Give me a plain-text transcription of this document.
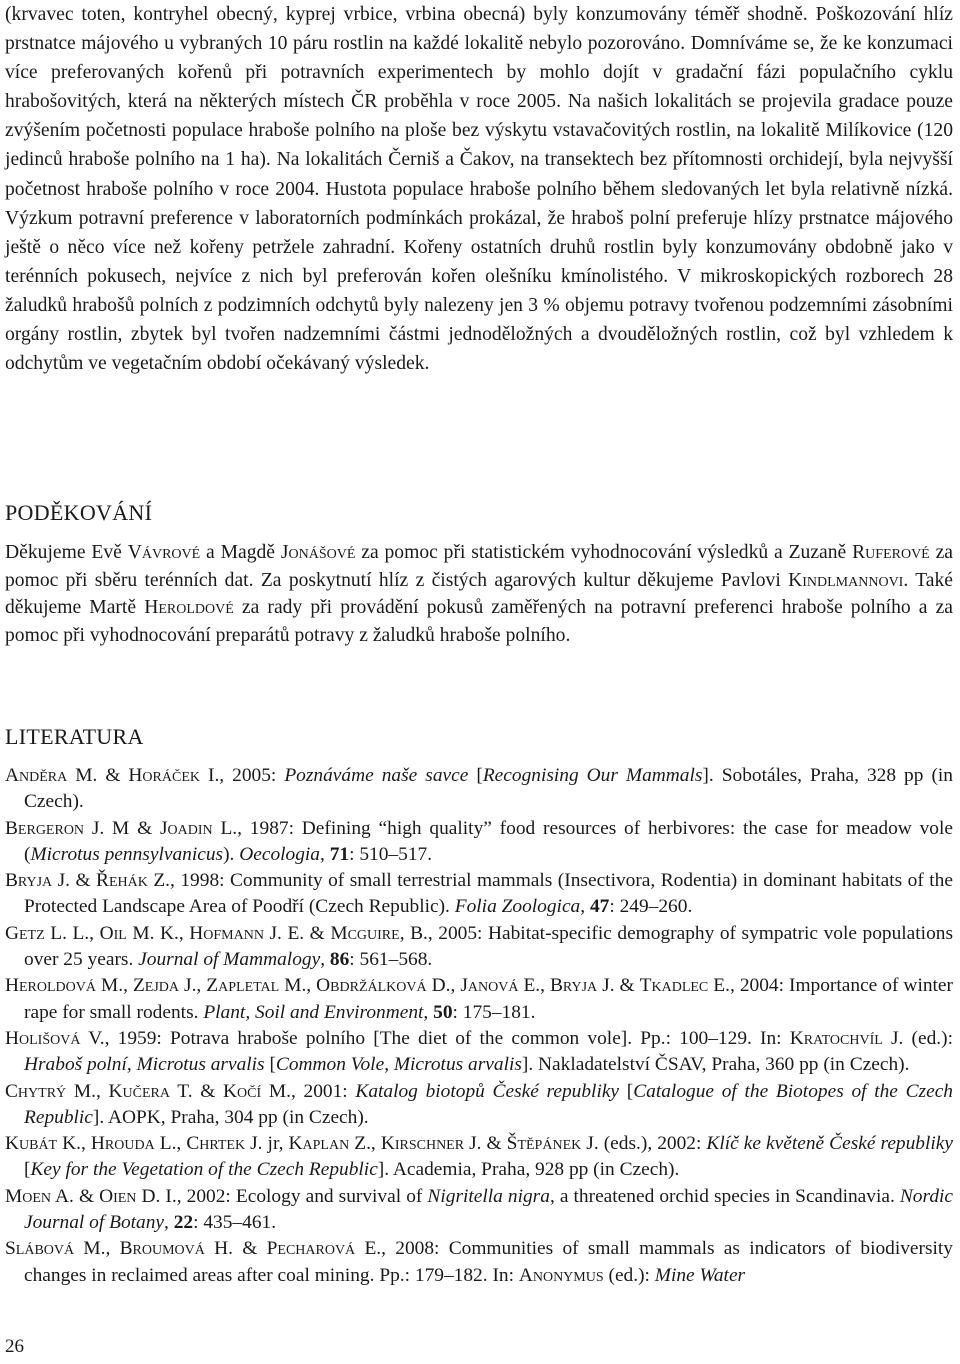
(krvavec toten, kontryhel obecný, kyprej vrbice, vrbina obecná) byly konzumovány téměř shodně. Poškozování hlíz prstnatce májového u vybraných 10 páru rostlin na každé lokalitě nebylo pozorováno. Domníváme se, že ke konzumaci více preferovaných kořenů při potravních experimentech by mohlo dojít v gradační fázi populačního cyklu hrabošovitých, která na některých místech ČR proběhla v roce 2005. Na našich lokalitách se projevila gradace pouze zvýšením početnosti populace hraboše polního na ploše bez výskytu vstavačovitých rostlin, na lokalitě Milíkovice (120 jedinců hraboše polního na 1 ha). Na lokalitách Černiš a Čakov, na transektech bez přítomnosti orchidejí, byla nejvyšší početnost hraboše polního v roce 2004. Hustota populace hraboše polního během sledovaných let byla relativně nízká. Výzkum potravní preference v laboratorních podmínkách prokázal, že hraboš polní preferuje hlízy prstnatce májového ještě o něco více než kořeny petržele zahradní. Kořeny ostatních druhů rostlin byly konzumovány obdobně jako v terénních pokusech, nejvíce z nich byl preferován kořen olešníku kmínolistého. V mikroskopických rozborech 28 žaludků hrabošů polních z podzimních odchytů byly nalezeny jen 3 % objemu potravy tvořenou podzemními zásobními orgány rostlin, zbytek byl tvořen nadzemními částmi jednoděložných a dvouděložných rostlin, což byl vzhledem k odchytům ve vegetačním období očekávaný výsledek.

PODĚKOVÁNÍ

Děkujeme Evě Vávrové a Magdě Jonášové za pomoc při statistickém vyhodnocování výsledků a Zuzaně Ruferové za pomoc při sběru terénních dat. Za poskytnutí hlíz z čistých agarových kultur děkujeme Pavlovi Kindlmannovi. Také děkujeme Martě Heroldové za rady při provádění pokusů zaměřených na potravní preferenci hraboše polního a za pomoc při vyhodnocování preparátů potravy z žaludků hraboše polního.

LITERATURA

Anděra M. & Horáček I., 2005: Poznáváme naše savce [Recognising Our Mammals]. Sobotáles, Praha, 328 pp (in Czech).

Bergeron J. M & Joadin L., 1987: Defining “high quality” food resources of herbivores: the case for meadow vole (Microtus pennsylvanicus). Oecologia, 71: 510–517.

Bryja J. & Řehák Z., 1998: Community of small terrestrial mammals (Insectivora, Rodentia) in dominant habitats of the Protected Landscape Area of Poodří (Czech Republic). Folia Zoologica, 47: 249–260.

Getz L. L., Oil M. K., Hofmann J. E. & Mcguire, B., 2005: Habitat-specific demography of sympatric vole populations over 25 years. Journal of Mammalogy, 86: 561–568.

Heroldová M., Zejda J., Zapletal M., Obdržálková D., Janová E., Bryja J. & Tkadlec E., 2004: Importance of winter rape for small rodents. Plant, Soil and Environment, 50: 175–181.

Holišová V., 1959: Potrava hraboše polního [The diet of the common vole]. Pp.: 100–129. In: Kratochvíl J. (ed.): Hraboš polní, Microtus arvalis [Common Vole, Microtus arvalis]. Nakladatelství ČSAV, Praha, 360 pp (in Czech).

Chytrý M., Kučera T. & Kočí M., 2001: Katalog biotopů České republiky [Catalogue of the Biotopes of the Czech Republic]. AOPK, Praha, 304 pp (in Czech).

Kubát K., Hrouda L., Chrtek J. jr, Kaplan Z., Kirschner J. & Štěpánek J. (eds.), 2002: Klíč ke květeně České republiky [Key for the Vegetation of the Czech Republic]. Academia, Praha, 928 pp (in Czech).

Moen A. & Oien D. I., 2002: Ecology and survival of Nigritella nigra, a threatened orchid species in Scandinavia. Nordic Journal of Botany, 22: 435–461.

Slábová M., Broumová H. & Pecharová E., 2008: Communities of small mammals as indicators of biodiversity changes in reclaimed areas after coal mining. Pp.: 179–182. In: Anonymus (ed.): Mine Water

26
